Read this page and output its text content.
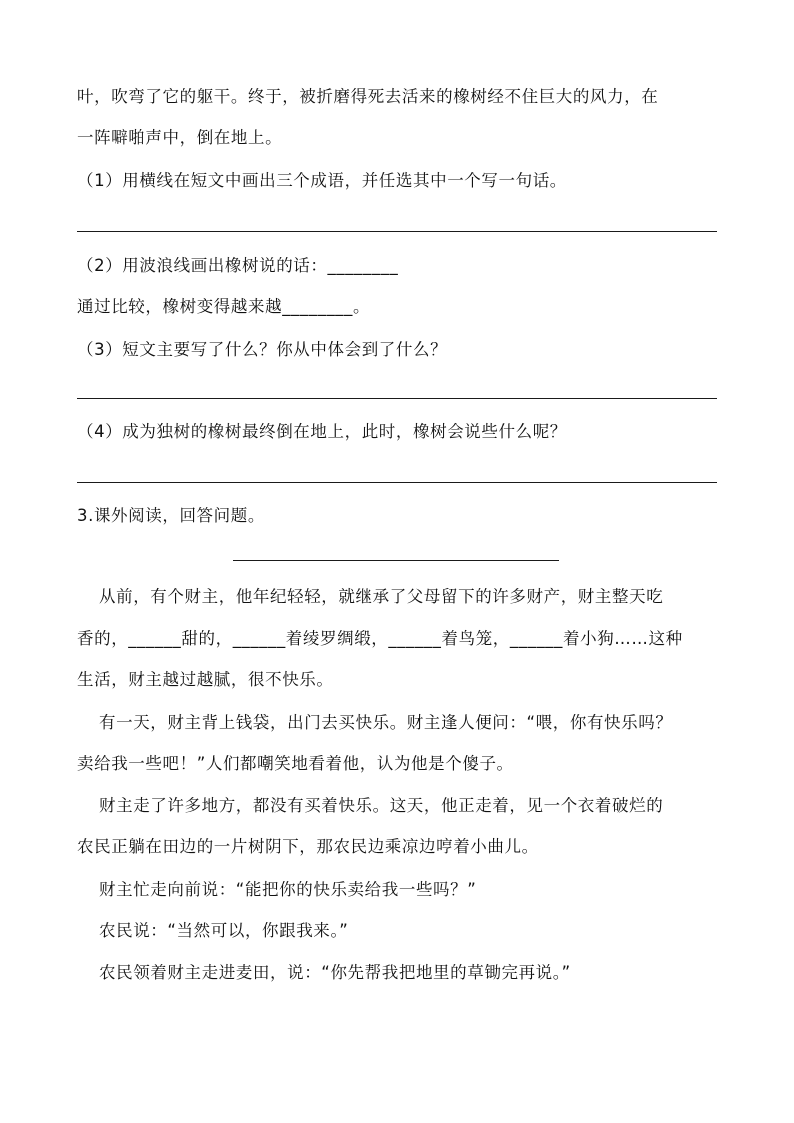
叶，吹弯了它的躯干。终于，被折磨得死去活来的橡树经不住巨大的风力，在
一阵噼啪声中，倒在地上。
（1）用横线在短文中画出三个成语，并任选其中一个写一句话。
（2）用波浪线画出橡树说的话：________
通过比较，橡树变得越来越________。
（3）短文主要写了什么？你从中体会到了什么？
（4）成为独树的橡树最终倒在地上，此时，橡树会说些什么呢？
3.课外阅读，回答问题。
从前，有个财主，他年纪轻轻，就继承了父母留下的许多财产，财主整天吃
香的，______甜的，______着绫罗绸缎，______着鸟笼，______着小狗……这种
生活，财主越过越腻，很不快乐。
有一天，财主背上钱袋，出门去买快乐。财主逢人便问：“喂，你有快乐吗？
卖给我一些吧！”人们都嘲笑地看着他，认为他是个傻子。
财主走了许多地方，都没有买着快乐。这天，他正走着，见一个衣着破烂的
农民正躺在田边的一片树阴下，那农民边乘凉边哼着小曲儿。
财主忙走向前说：“能把你的快乐卖给我一些吗？”
农民说：“当然可以，你跟我来。”
农民领着财主走进麦田，说：“你先帮我把地里的草锄完再说。”
